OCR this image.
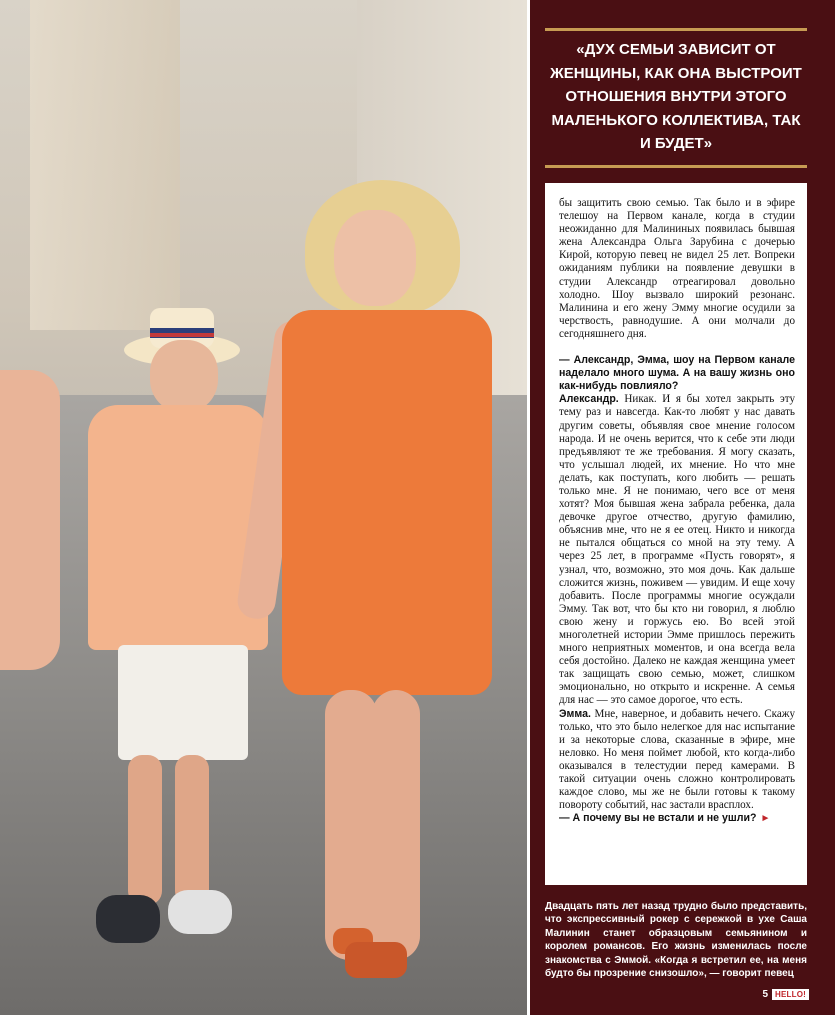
«ДУХ СЕМЬИ ЗАВИСИТ ОТ ЖЕНЩИНЫ, КАК ОНА ВЫСТРОИТ ОТНОШЕНИЯ ВНУТРИ ЭТОГО МАЛЕНЬКОГО КОЛЛЕКТИВА, ТАК И БУДЕТ»

бы защитить свою семью. Так было и в эфире телешоу на Первом канале, когда в студии неожиданно для Малининых появилась бывшая жена Александра Ольга Зарубина с дочерью Кирой, которую певец не видел 25 лет. Вопреки ожиданиям публики на появление девушки в студии Александр отреагировал довольно холодно. Шоу вызвало широкий резонанс. Малинина и его жену Эмму многие осудили за черствость, равнодушие. А они молчали до сегодняшнего дня.

— Александр, Эмма, шоу на Первом канале наделало много шума. А на вашу жизнь оно как-нибудь повлияло?

Александр. Никак. И я бы хотел закрыть эту тему раз и навсегда. Как-то любят у нас давать другим советы, объявляя свое мнение голосом народа. И не очень верится, что к себе эти люди предъявляют те же требования. Я могу сказать, что услышал людей, их мнение. Но что мне делать, как поступать, кого любить — решать только мне. Я не понимаю, чего все от меня хотят? Моя бывшая жена забрала ребенка, дала девочке другое отчество, другую фамилию, объяснив мне, что не я ее отец. Никто и никогда не пытался общаться со мной на эту тему. А через 25 лет, в программе «Пусть говорят», я узнал, что, возможно, это моя дочь. Как дальше сложится жизнь, поживем — увидим. И еще хочу добавить. После программы многие осуждали Эмму. Так вот, что бы кто ни говорил, я люблю свою жену и горжусь ею. Во всей этой многолетней истории Эмме пришлось пережить много неприятных моментов, и она всегда вела себя достойно. Далеко не каждая женщина умеет так защищать свою семью, может, слишком эмоционально, но открыто и искренне. А семья для нас — это самое дорогое, что есть.

Эмма. Мне, наверное, и добавить нечего. Скажу только, что это было нелегкое для нас испытание и за некоторые слова, сказанные в эфире, мне неловко. Но меня поймет любой, кто когда-либо оказывался в телестудии перед камерами. В такой ситуации очень сложно контролировать каждое слово, мы же не были готовы к такому повороту событий, нас застали врасплох.

— А почему вы не встали и не ушли? ►

Двадцать пять лет назад трудно было представить, что экспрессивный рокер с сережкой в ухе Саша Малинин станет образцовым семьянином и королем романсов. Его жизнь изменилась после знакомства с Эммой. «Когда я встретил ее, на меня будто бы прозрение снизошло», — говорит певец
5 HELLO!
